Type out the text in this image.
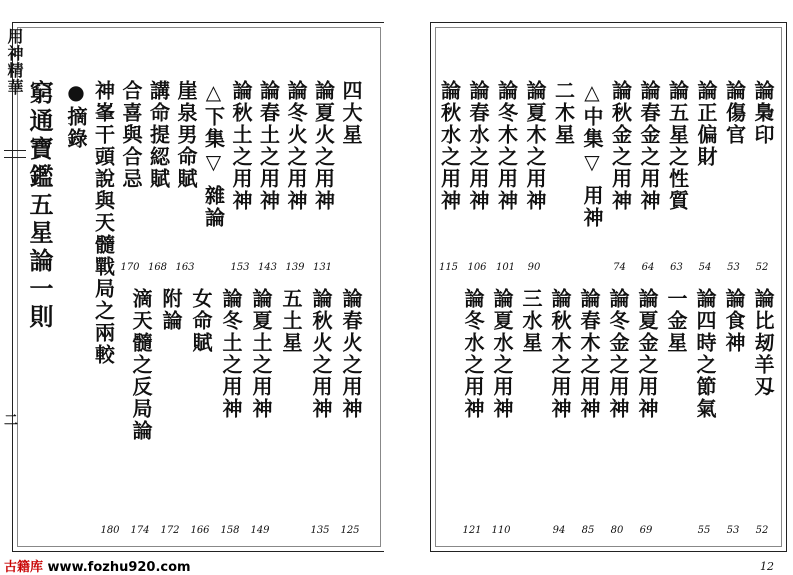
用神精華
二
四大星
論夏火之用神
131
論冬火之用神
139
論春土之用神
143
論秋土之用神
153
△下集▽ 雜論
崖泉男命賦
163
講命提綛賦
168
合喜與合忌
170
神峯干頭說與天髓戰局之兩較
●摘錄
窮通寶鑑五星論一則
論春火之用神
125
論秋火之用神
135
五土星
論夏土之用神
149
論冬土之用神
158
女命賦
166
附論
172
滴天髓之反局論
174
180
論梟印
52
論傷官
53
論正偏財
54
論五星之性質
63
論春金之用神
64
論秋金之用神
74
△中集▽ 用神
二木星
論夏木之用神
90
論冬木之用神
101
論春水之用神
106
論秋水之用神
115
論比刼羊刄
52
論食神
53
論四時之節氣
55
一金星
論夏金之用神
69
論冬金之用神
80
論春木之用神
85
論秋木之用神
94
三水星
論夏水之用神
110
論冬水之用神
121
古籍库 www.fozhu920.com	12
